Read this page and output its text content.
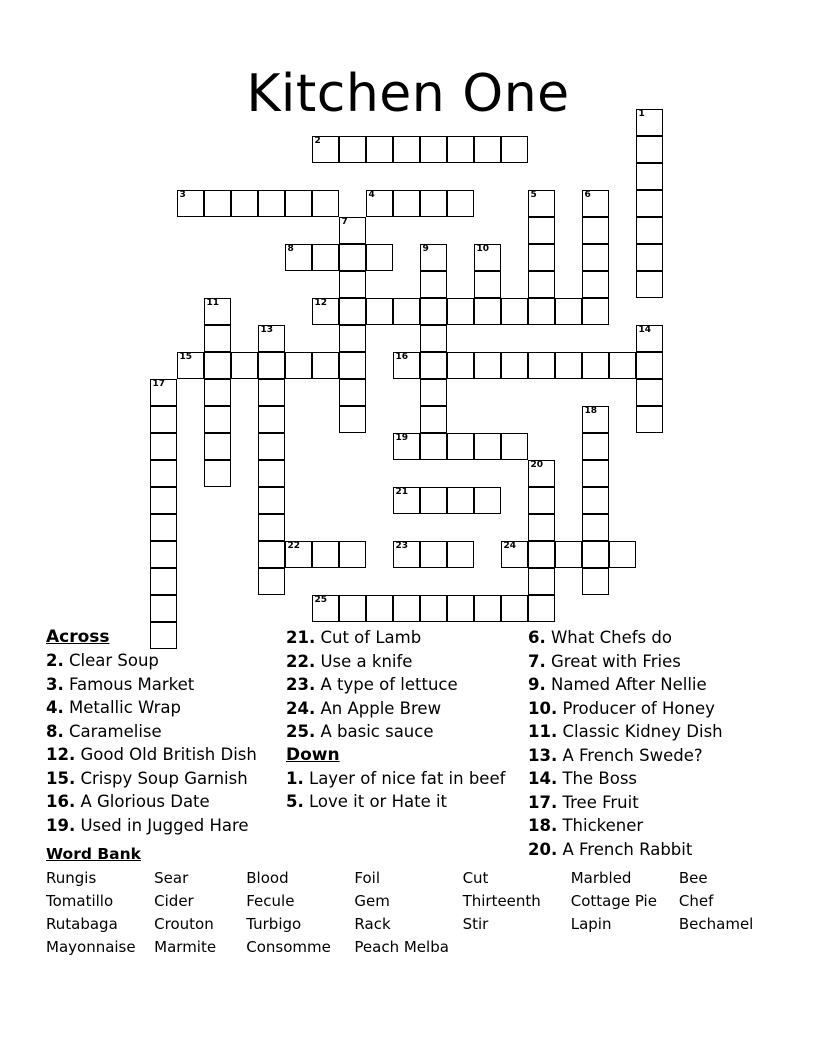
Kitchen One	1
2
3	4	5	6
7
8	9	10
11	12
13	14
15	16
17
18
19
20
21
22	23	24
25
Across

2. Clear Soup

3. Famous Market

4. Metallic Wrap

8. Caramelise

12. Good Old British Dish

15. Crispy Soup Garnish

16. A Glorious Date

19. Used in Jugged Hare

21. Cut of Lamb

22. Use a knife

23. A type of lettuce

24. An Apple Brew

25. A basic sauce

Down

1. Layer of nice fat in beef

5. Love it or Hate it

6. What Chefs do

7. Great with Fries

9. Named After Nellie

10. Producer of Honey

11. Classic Kidney Dish

13. A French Swede?

14. The Boss

17. Tree Fruit

18. Thickener

20. A French Rabbit

Word Bank
Rungis	Sear	Blood	Foil	Cut	Marbled	Bee
Tomatillo	Cider	Fecule	Gem	Thirteenth	Cottage Pie	Chef
Rutabaga	Crouton	Turbigo	Rack	Stir	Lapin	Bechamel
Mayonnaise	Marmite	Consomme	Peach Melba			
